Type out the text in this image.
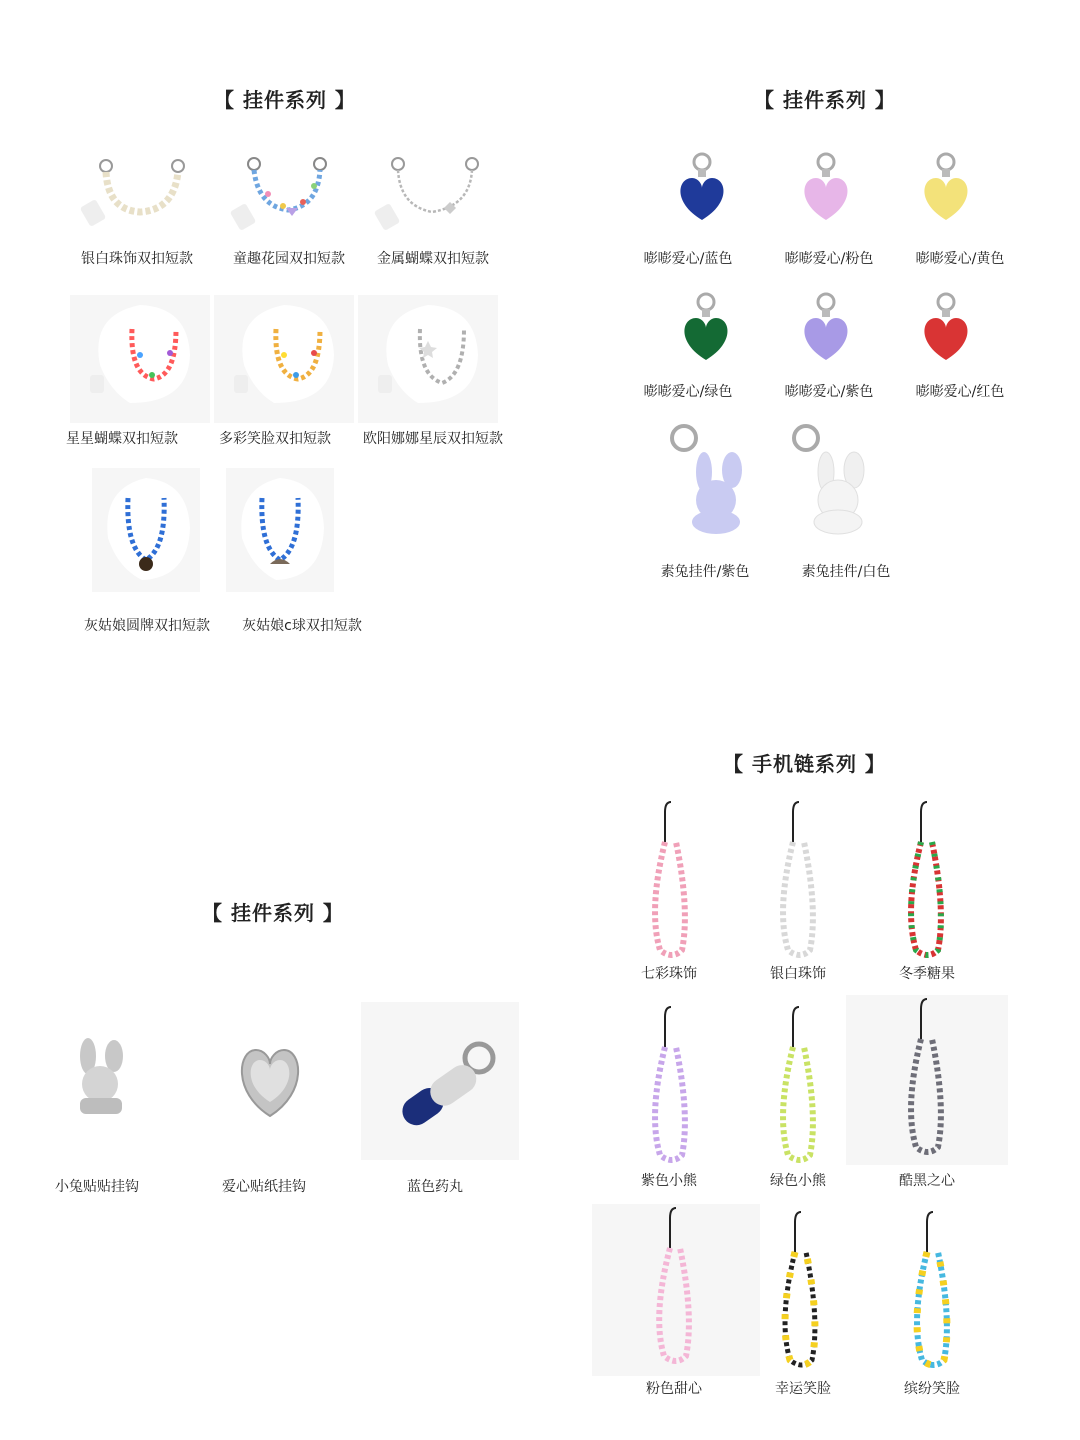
【 挂件系列 】	【 挂件系列 】
【 挂件系列 】
【 手机链系列 】
银白珠饰双扣短款	童趣花园双扣短款 金属蝴蝶双扣短款
星星蝴蝶双扣短款	多彩笑脸双扣短款 欧阳娜娜星辰双扣短款
灰姑娘圆牌双扣短款 灰姑娘c球双扣短款
嘭嘭爱心/蓝色	嘭嘭爱心/粉色	嘭嘭爱心/黄色
嘭嘭爱心/绿色	嘭嘭爱心/紫色	嘭嘭爱心/红色
素兔挂件/紫色	素兔挂件/白色
小兔贴贴挂钩	爱心贴纸挂钩	蓝色药丸
七彩珠饰	银白珠饰	冬季糖果
紫色小熊	绿色小熊	酷黑之心
粉色甜心	幸运笑脸	缤纷笑脸
